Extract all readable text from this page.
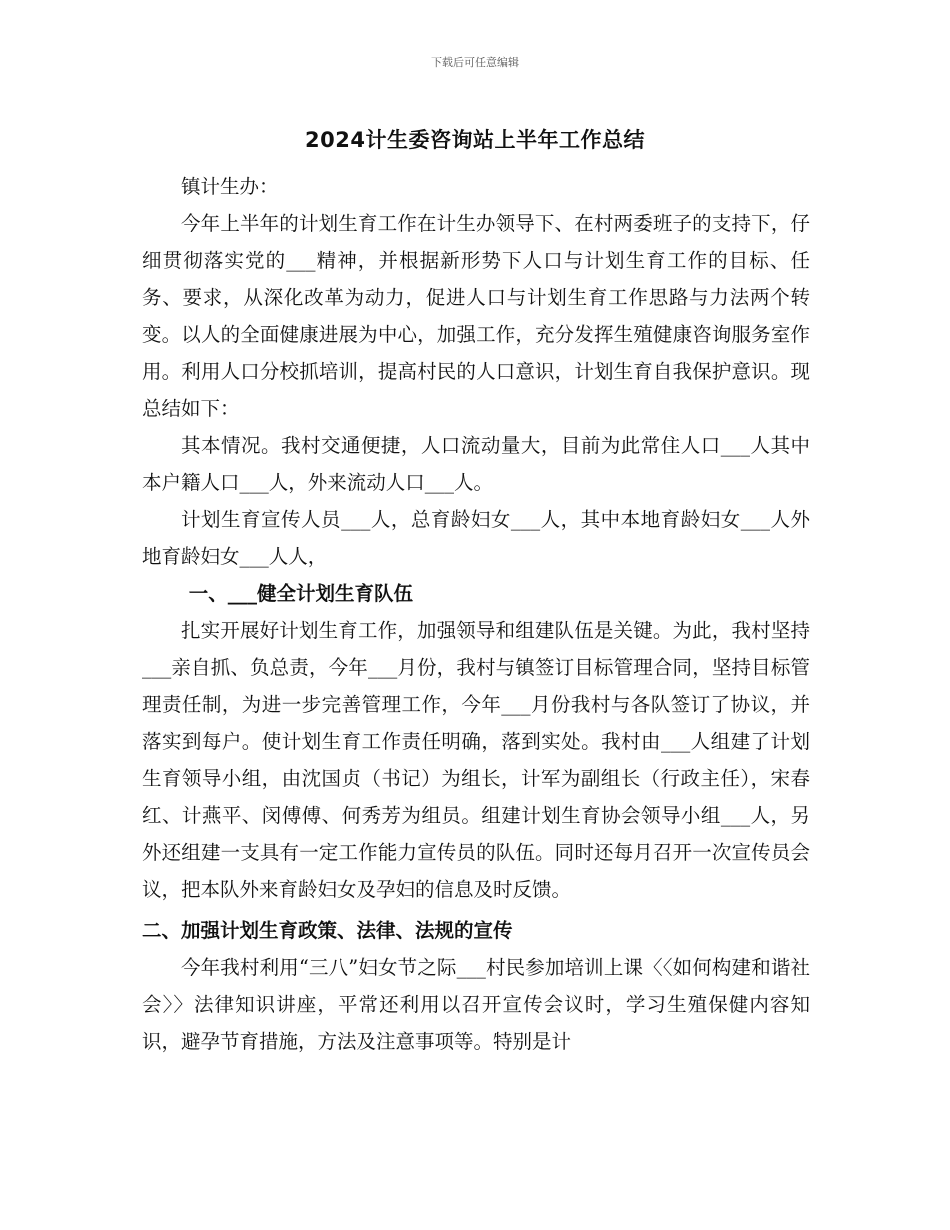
下载后可任意编辑
2024计生委咨询站上半年工作总结

镇计生办：

今年上半年的计划生育工作在计生办领导下、在村两委班子的支持下，仔细贯彻落实党的___精神，并根据新形势下人口与计划生育工作的目标、任务、要求，从深化改革为动力，促进人口与计划生育工作思路与力法两个转变。以人的全面健康进展为中心，加强工作，充分发挥生殖健康咨询服务室作用。利用人口分校抓培训，提高村民的人口意识，计划生育自我保护意识。现总结如下：

其本情况。我村交通便捷，人口流动量大，目前为此常住人口___人其中本户籍人口___人，外来流动人口___人。

计划生育宣传人员___人，总育龄妇女___人，其中本地育龄妇女___人外地育龄妇女___人人，

一、___健全计划生育队伍

扎实开展好计划生育工作，加强领导和组建队伍是关键。为此，我村坚持___亲自抓、负总责，今年___月份，我村与镇签订目标管理合同，坚持目标管理责任制，为进一步完善管理工作，今年___月份我村与各队签订了协议，并落实到每户。使计划生育工作责任明确，落到实处。我村由___人组建了计划生育领导小组，由沈国贞（书记）为组长，计军为副组长（行政主任），宋春红、计燕平、闵傅傅、何秀芳为组员。组建计划生育协会领导小组___人，另外还组建一支具有一定工作能力宣传员的队伍。同时还每月召开一次宣传员会议，把本队外来育龄妇女及孕妇的信息及时反馈。

二、加强计划生育政策、法律、法规的宣传

今年我村利用“三八”妇女节之际___村民参加培训上课〈〈如何构建和谐社会〉〉法律知识讲座，平常还利用以召开宣传会议时，学习生殖保健内容知识，避孕节育措施，方法及注意事项等。特别是计
